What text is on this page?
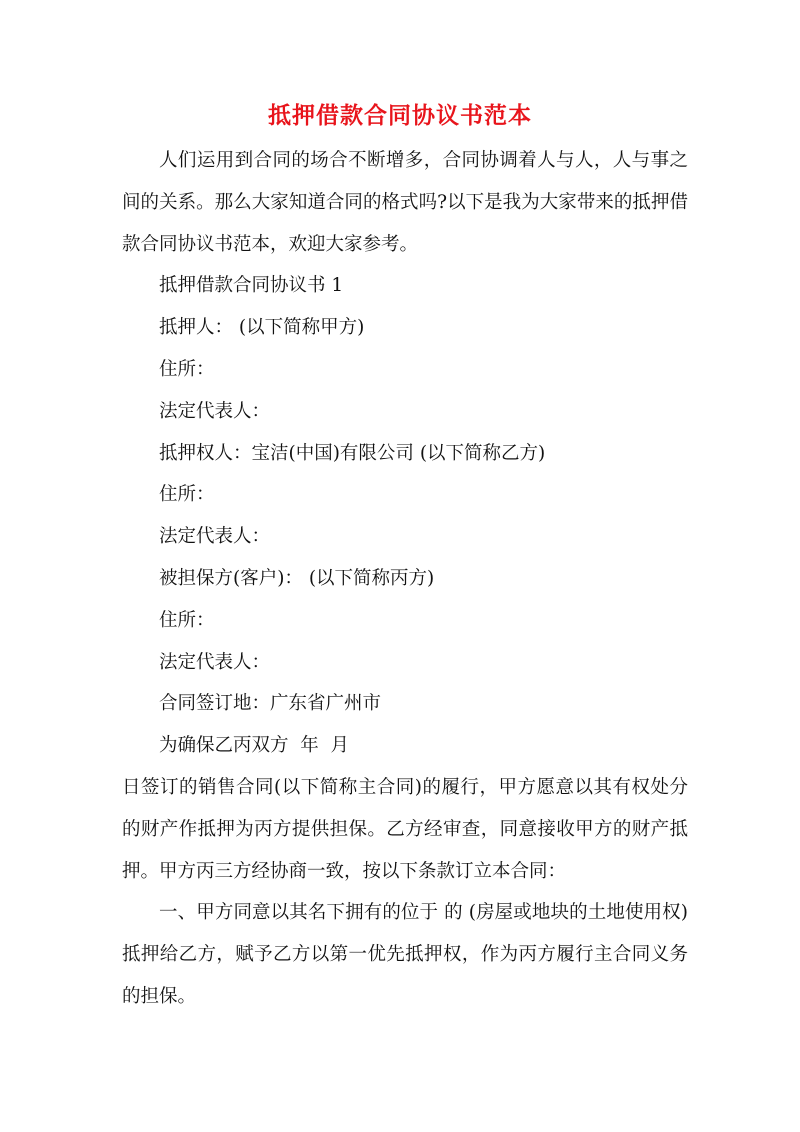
抵押借款合同协议书范本

人们运用到合同的场合不断增多，合同协调着人与人，人与事之间的关系。那么大家知道合同的格式吗?以下是我为大家带来的抵押借款合同协议书范本，欢迎大家参考。

抵押借款合同协议书 1

抵押人： (以下简称甲方)

住所：

法定代表人：

抵押权人：宝洁(中国)有限公司 (以下简称乙方)

住所：

法定代表人：

被担保方(客户)： (以下简称丙方)

住所：

法定代表人：

合同签订地：广东省广州市

为确保乙丙双方  年  月

日签订的销售合同(以下简称主合同)的履行，甲方愿意以其有权处分的财产作抵押为丙方提供担保。乙方经审查，同意接收甲方的财产抵押。甲方丙三方经协商一致，按以下条款订立本合同：

一、甲方同意以其名下拥有的位于 的 (房屋或地块的土地使用权)抵押给乙方，赋予乙方以第一优先抵押权，作为丙方履行主合同义务的担保。
